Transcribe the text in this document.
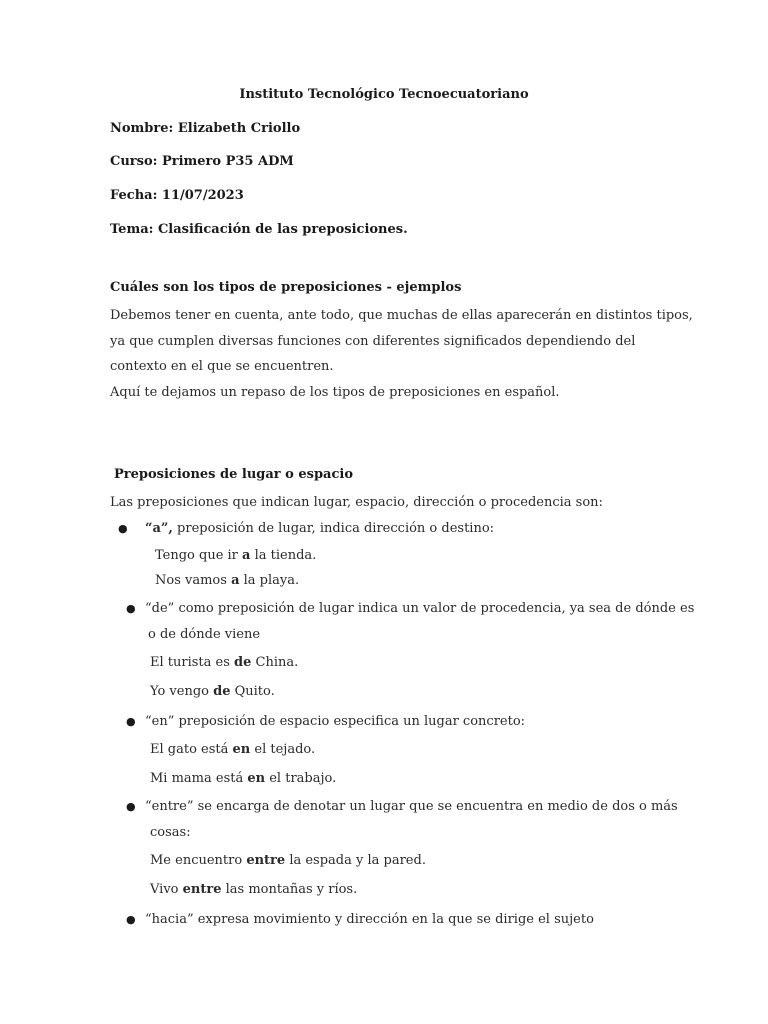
Instituto Tecnológico Tecnoecuatoriano
Nombre: Elizabeth Criollo
Curso: Primero P35 ADM
Fecha: 11/07/2023
Tema: Clasificación de las preposiciones.
Cuáles son los tipos de preposiciones - ejemplos
Debemos tener en cuenta, ante todo, que muchas de ellas aparecerán en distintos tipos,
ya que cumplen diversas funciones con diferentes significados dependiendo del
contexto en el que se encuentren.
Aquí te dejamos un repaso de los tipos de preposiciones en español.
Preposiciones de lugar o espacio
Las preposiciones que indican lugar, espacio, dirección o procedencia son:
● “a”, preposición de lugar, indica dirección o destino:
Tengo que ir a la tienda.
Nos vamos a la playa.
● “de” como preposición de lugar indica un valor de procedencia, ya sea de dónde es
o de dónde viene
El turista es de China.
Yo vengo de Quito.
● “en” preposición de espacio especifica un lugar concreto:
El gato está en el tejado.
Mi mama está en el trabajo.
● “entre” se encarga de denotar un lugar que se encuentra en medio de dos o más
cosas:
Me encuentro entre la espada y la pared.
Vivo entre las montañas y ríos.
● “hacia” expresa movimiento y dirección en la que se dirige el sujeto
